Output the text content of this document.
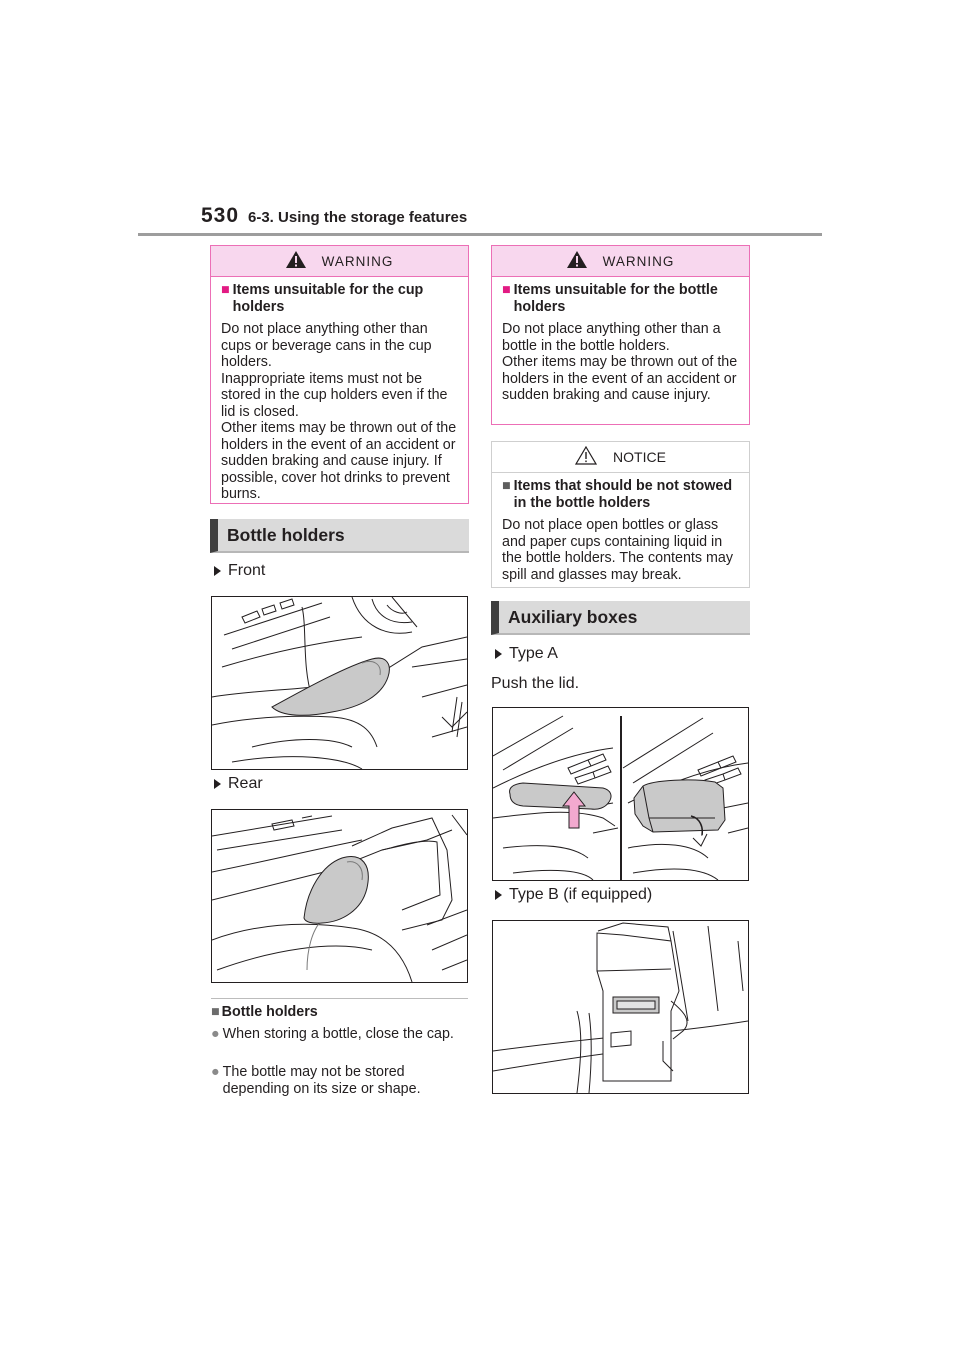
530 6-3. Using the storage features
WARNING
■ Items unsuitable for the cup holders
Do not place anything other than cups or beverage cans in the cup holders.
Inappropriate items must not be stored in the cup holders even if the lid is closed.
Other items may be thrown out of the holders in the event of an accident or sudden braking and cause injury. If possible, cover hot drinks to prevent burns.
Bottle holders
Front
Rear
■ Bottle holders
● When storing a bottle, close the cap.
● The bottle may not be stored depending on its size or shape.
WARNING
■ Items unsuitable for the bottle holders
Do not place anything other than a bottle in the bottle holders.
Other items may be thrown out of the holders in the event of an accident or sudden braking and cause injury.
NOTICE
■ Items that should be not stowed in the bottle holders
Do not place open bottles or glass and paper cups containing liquid in the bottle holders. The contents may spill and glasses may break.
Auxiliary boxes
Type A
Push the lid.
Type B (if equipped)
